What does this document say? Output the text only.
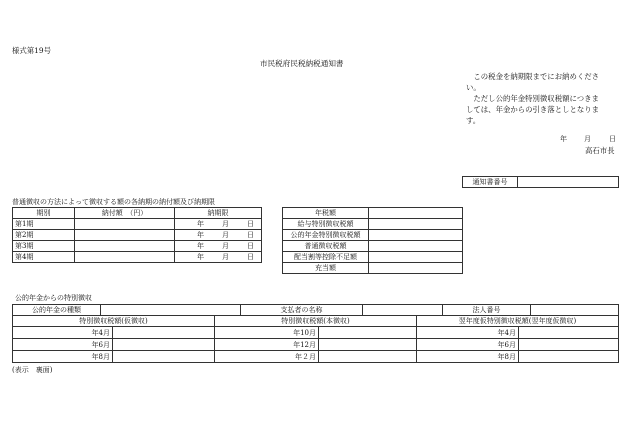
様式第19号
市民税府民税納税通知書
　この税金を納期限までにお納めくださ
い。
　ただし公的年金特別徴収税額につきま
しては、年金からの引き落としとなりま
す。
年 月	日
高石市長
通知書番号	
普通徴収の方法によって徴収する額の各納期の納付額及び納期限
期別	納付額　（円）	納期限
第1期		年 月 日
第2期		年 月 日
第3期		年 月 日
第4期		年 月 日
年税額	
給与特別徴収税額	
公的年金特別徴収税額	
普通徴収税額	
配当割等控除不足額	
充当額	
公的年金からの特別徴収
公的年金の種類		支払者の名称		法人番号	
特別徴収税額(仮徴収)		特別徴収税額(本徴収)		翌年度仮特別徴収税額(翌年度仮徴収)	
年4月		年10月		年4月	
年6月		年12月		年6月	
年8月		年２月		年8月	
(表示　裏面)
